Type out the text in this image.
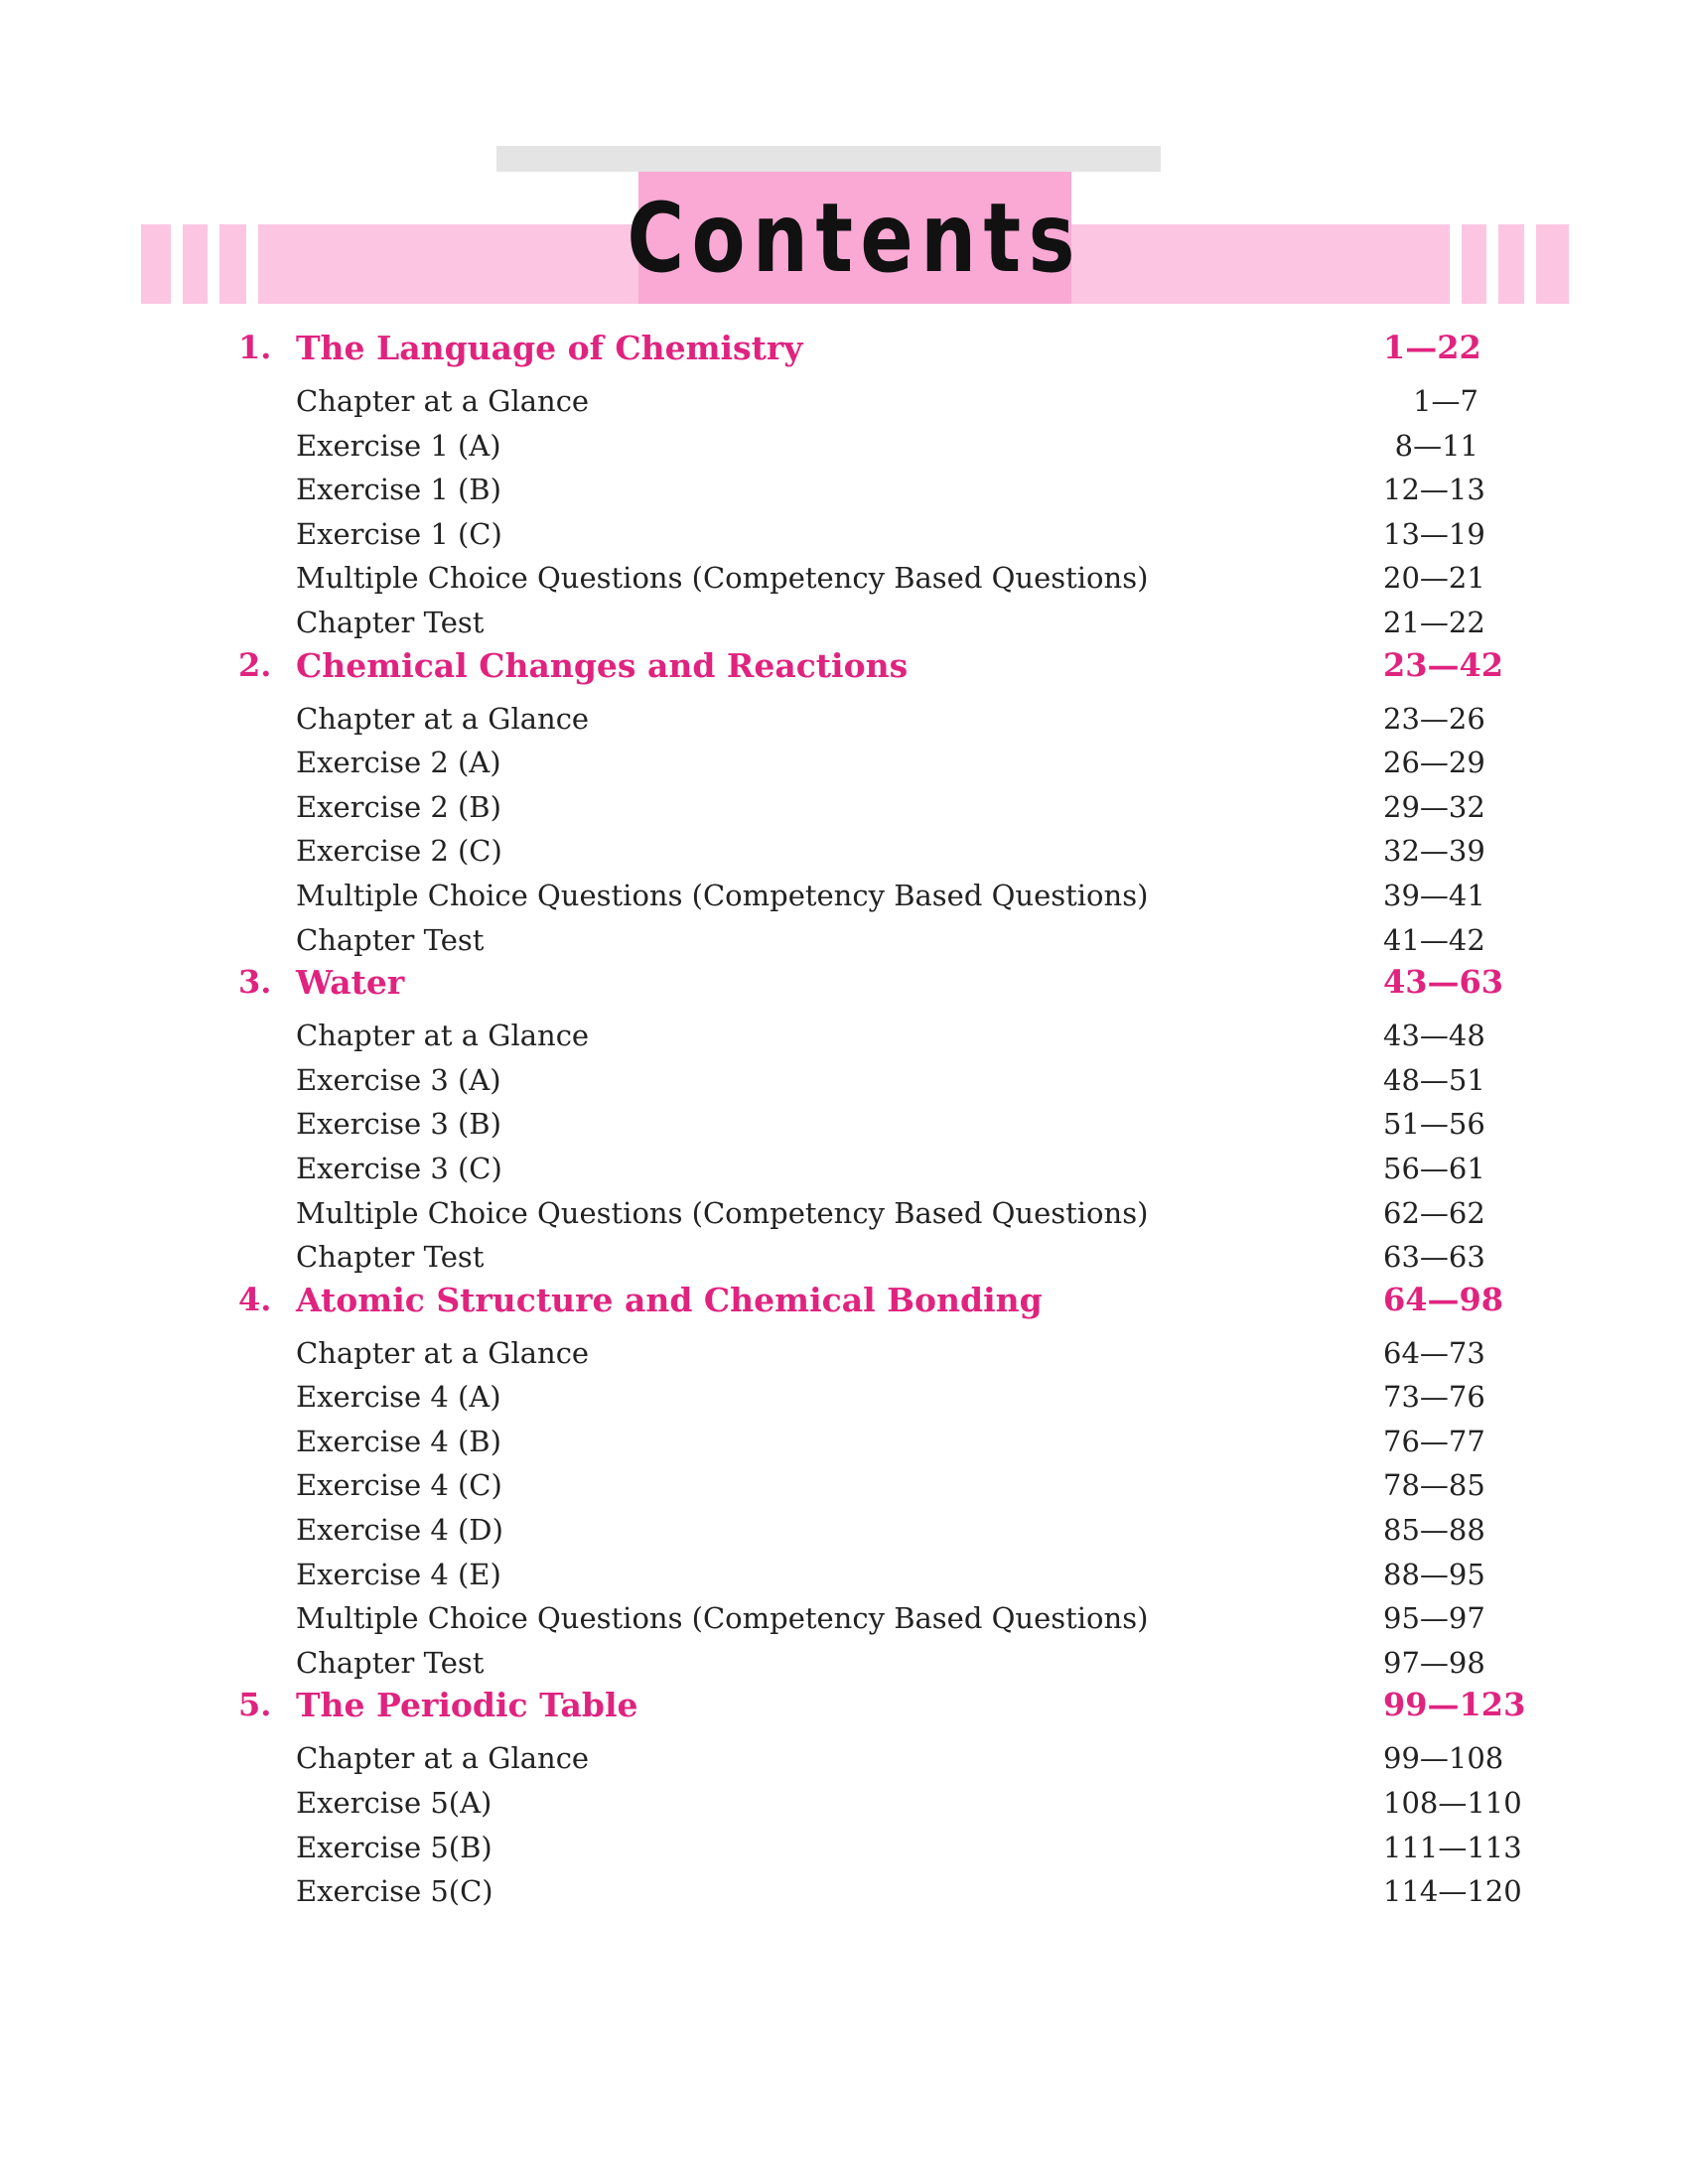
Contents
1. The Language of Chemistry	1—22
Chapter at a Glance	1—7
Exercise 1 (A)	8—11
Exercise 1 (B)	12—13
Exercise 1 (C)	13—19
Multiple Choice Questions (Competency Based Questions)	20—21
Chapter Test	21—22
2. Chemical Changes and Reactions	23—42
Chapter at a Glance	23—26
Exercise 2 (A)	26—29
Exercise 2 (B)	29—32
Exercise 2 (C)	32—39
Multiple Choice Questions (Competency Based Questions)	39—41
Chapter Test	41—42
3. Water	43—63
Chapter at a Glance	43—48
Exercise 3 (A)	48—51
Exercise 3 (B)	51—56
Exercise 3 (C)	56—61
Multiple Choice Questions (Competency Based Questions)	62—62
Chapter Test	63—63
4. Atomic Structure and Chemical Bonding	64—98
Chapter at a Glance	64—73
Exercise 4 (A)	73—76
Exercise 4 (B)	76—77
Exercise 4 (C)	78—85
Exercise 4 (D)	85—88
Exercise 4 (E)	88—95
Multiple Choice Questions (Competency Based Questions)	95—97
Chapter Test	97—98
5. The Periodic Table	99—123
Chapter at a Glance	99—108
Exercise 5(A)	108—110
Exercise 5(B)	111—113
Exercise 5(C)	114—120
